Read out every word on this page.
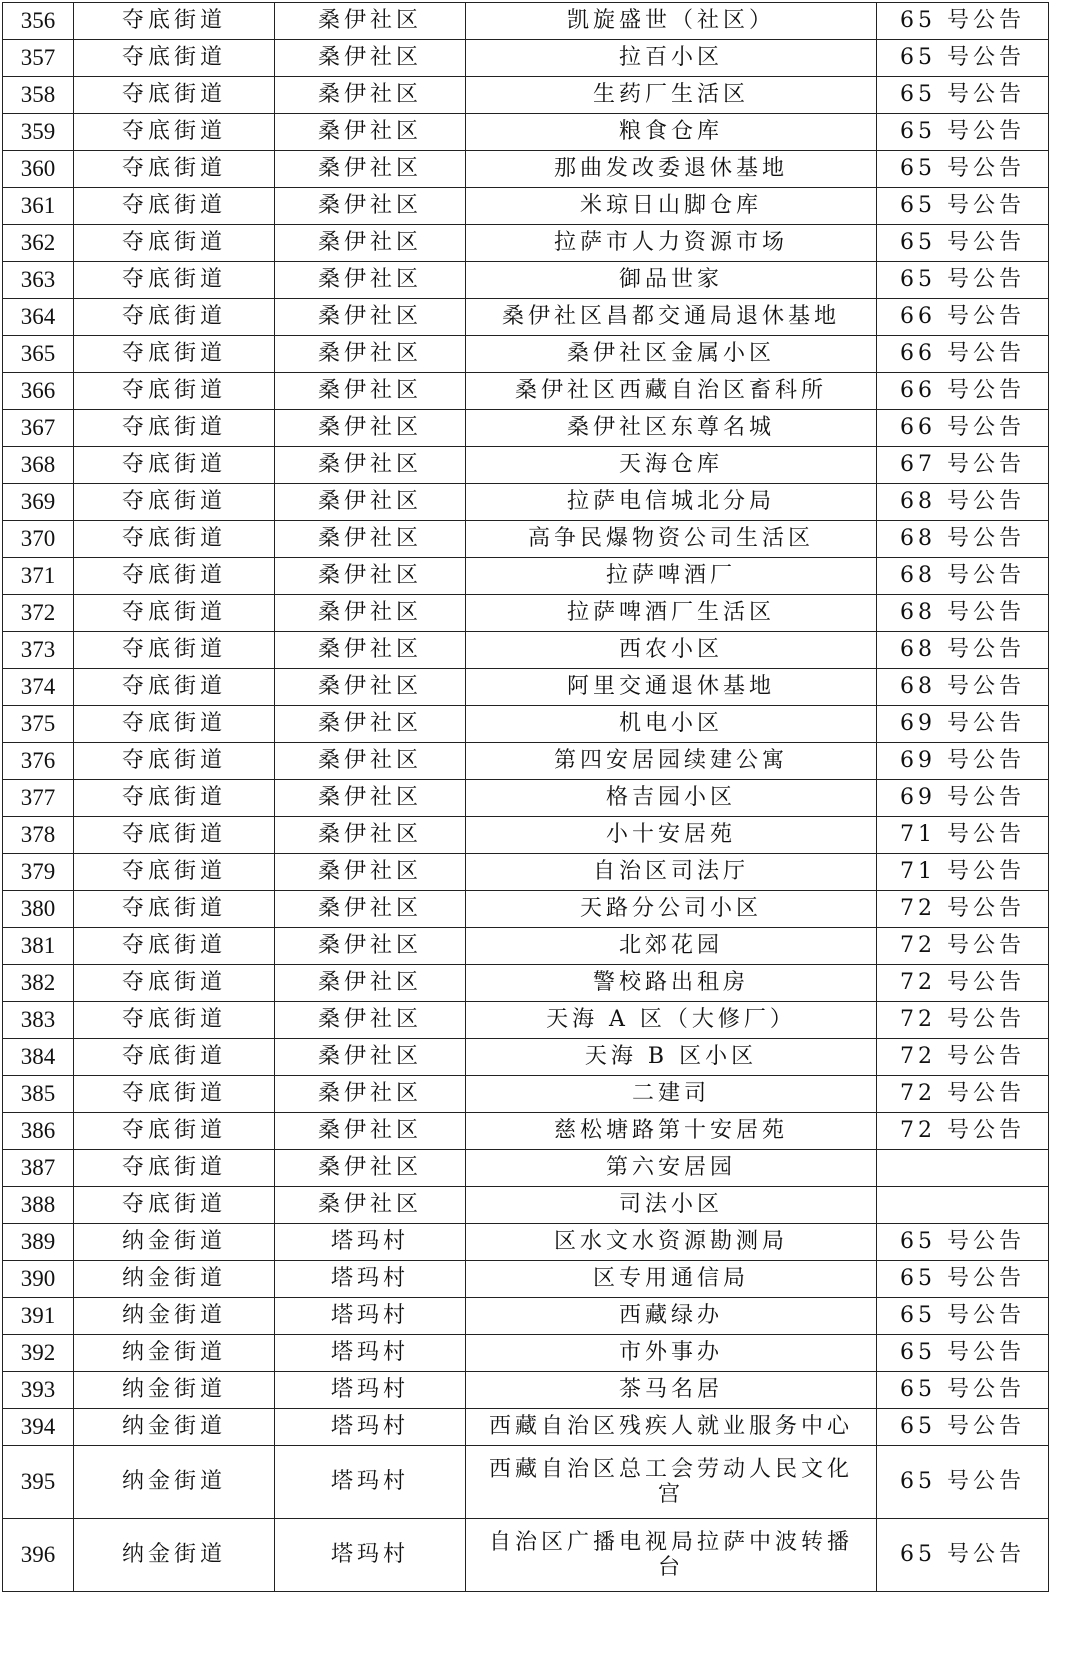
356	夺底街道	桑伊社区	凯旋盛世（社区）	65 号公告
357	夺底街道	桑伊社区	拉百小区	65 号公告
358	夺底街道	桑伊社区	生药厂生活区	65 号公告
359	夺底街道	桑伊社区	粮食仓库	65 号公告
360	夺底街道	桑伊社区	那曲发改委退休基地	65 号公告
361	夺底街道	桑伊社区	米琼日山脚仓库	65 号公告
362	夺底街道	桑伊社区	拉萨市人力资源市场	65 号公告
363	夺底街道	桑伊社区	御品世家	65 号公告
364	夺底街道	桑伊社区	桑伊社区昌都交通局退休基地	66 号公告
365	夺底街道	桑伊社区	桑伊社区金属小区	66 号公告
366	夺底街道	桑伊社区	桑伊社区西藏自治区畜科所	66 号公告
367	夺底街道	桑伊社区	桑伊社区东尊名城	66 号公告
368	夺底街道	桑伊社区	天海仓库	67 号公告
369	夺底街道	桑伊社区	拉萨电信城北分局	68 号公告
370	夺底街道	桑伊社区	高争民爆物资公司生活区	68 号公告
371	夺底街道	桑伊社区	拉萨啤酒厂	68 号公告
372	夺底街道	桑伊社区	拉萨啤酒厂生活区	68 号公告
373	夺底街道	桑伊社区	西农小区	68 号公告
374	夺底街道	桑伊社区	阿里交通退休基地	68 号公告
375	夺底街道	桑伊社区	机电小区	69 号公告
376	夺底街道	桑伊社区	第四安居园续建公寓	69 号公告
377	夺底街道	桑伊社区	格吉园小区	69 号公告
378	夺底街道	桑伊社区	小十安居苑	71 号公告
379	夺底街道	桑伊社区	自治区司法厅	71 号公告
380	夺底街道	桑伊社区	天路分公司小区	72 号公告
381	夺底街道	桑伊社区	北郊花园	72 号公告
382	夺底街道	桑伊社区	警校路出租房	72 号公告
383	夺底街道	桑伊社区	天海 A 区（大修厂）	72 号公告
384	夺底街道	桑伊社区	天海 B 区小区	72 号公告
385	夺底街道	桑伊社区	二建司	72 号公告
386	夺底街道	桑伊社区	慈松塘路第十安居苑	72 号公告
387	夺底街道	桑伊社区	第六安居园	
388	夺底街道	桑伊社区	司法小区	
389	纳金街道	塔玛村	区水文水资源勘测局	65 号公告
390	纳金街道	塔玛村	区专用通信局	65 号公告
391	纳金街道	塔玛村	西藏绿办	65 号公告
392	纳金街道	塔玛村	市外事办	65 号公告
393	纳金街道	塔玛村	茶马名居	65 号公告
394	纳金街道	塔玛村	西藏自治区残疾人就业服务中心	65 号公告
395	纳金街道	塔玛村	西藏自治区总工会劳动人民文化宫	65 号公告
396	纳金街道	塔玛村	自治区广播电视局拉萨中波转播台	65 号公告
